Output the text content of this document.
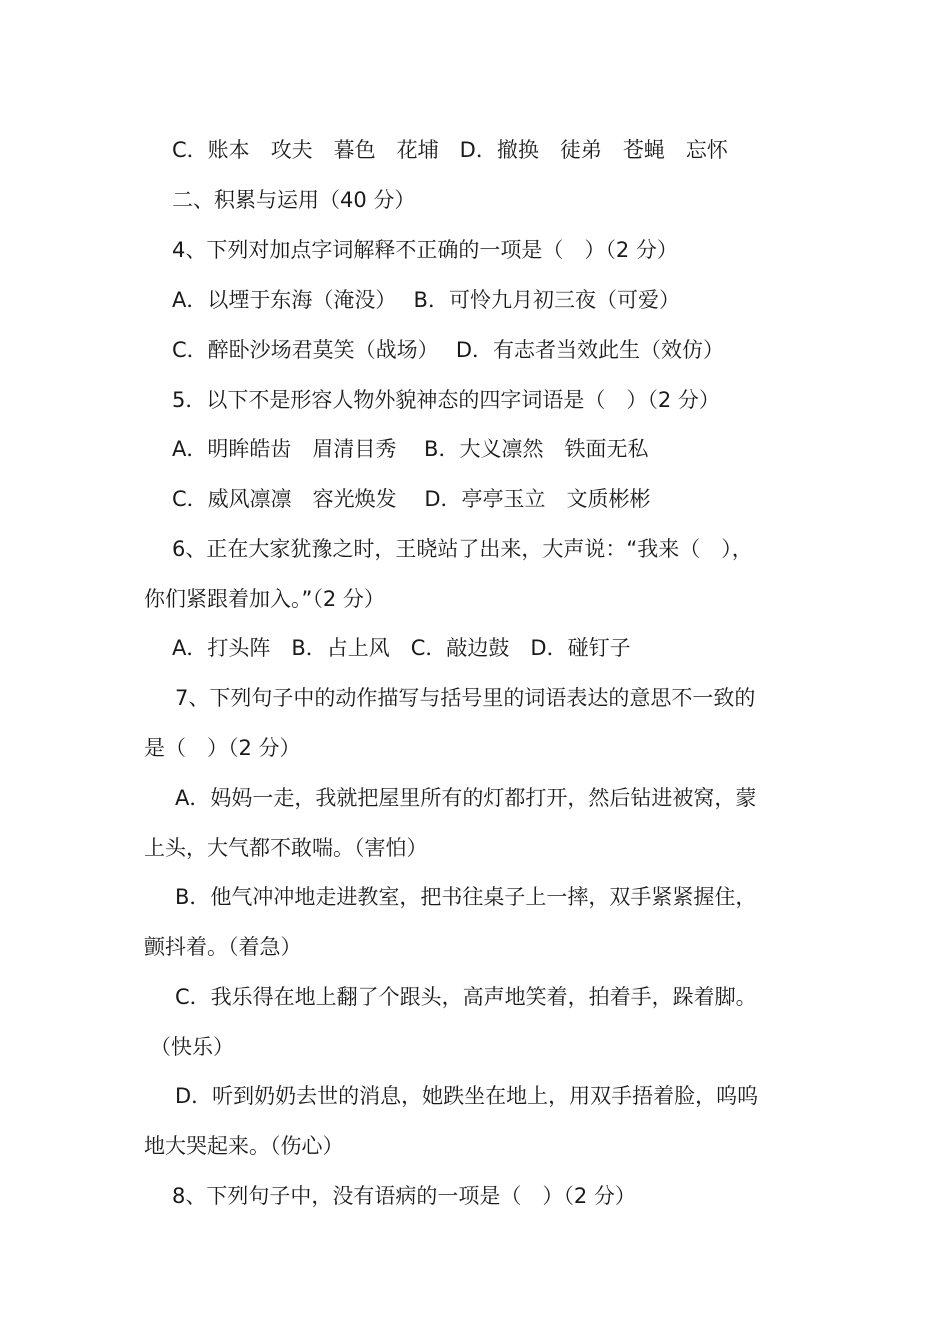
C．账本　攻夫　暮色　花埔　D．撤换　徒弟　苍蝇　忘怀
二、积累与运用（40 分）
4、下列对加点字词解释不正确的一项是（　）（2 分）
A．以堙于东海（淹没）　 B．可怜九月初三夜（可爱）
C．醉卧沙场君莫笑（战场）　 D．有志者当效此生（效仿）
5．以下不是形容人物外貌神态的四字词语是（　）（2 分）
A．明眸皓齿　眉清目秀　 B．大义凛然　铁面无私
C．威风凛凛　容光焕发　 D．亭亭玉立　文质彬彬
6、正在大家犹豫之时，王晓站了出来，大声说：“我来（　），
你们紧跟着加入。”（2 分）
A．打头阵　B．占上风　C．敲边鼓　D．碰钉子
7、下列句子中的动作描写与括号里的词语表达的意思不一致的
是（　）（2 分）
A．妈妈一走，我就把屋里所有的灯都打开，然后钻进被窝，蒙
上头，大气都不敢喘。（害怕）
B．他气冲冲地走进教室，把书往桌子上一摔，双手紧紧握住，
颤抖着。（着急）
C．我乐得在地上翻了个跟头，高声地笑着，拍着手，跺着脚。
（快乐）
D．听到奶奶去世的消息，她跌坐在地上，用双手捂着脸，呜呜
地大哭起来。（伤心）
8、下列句子中，没有语病的一项是（　）（2 分）
